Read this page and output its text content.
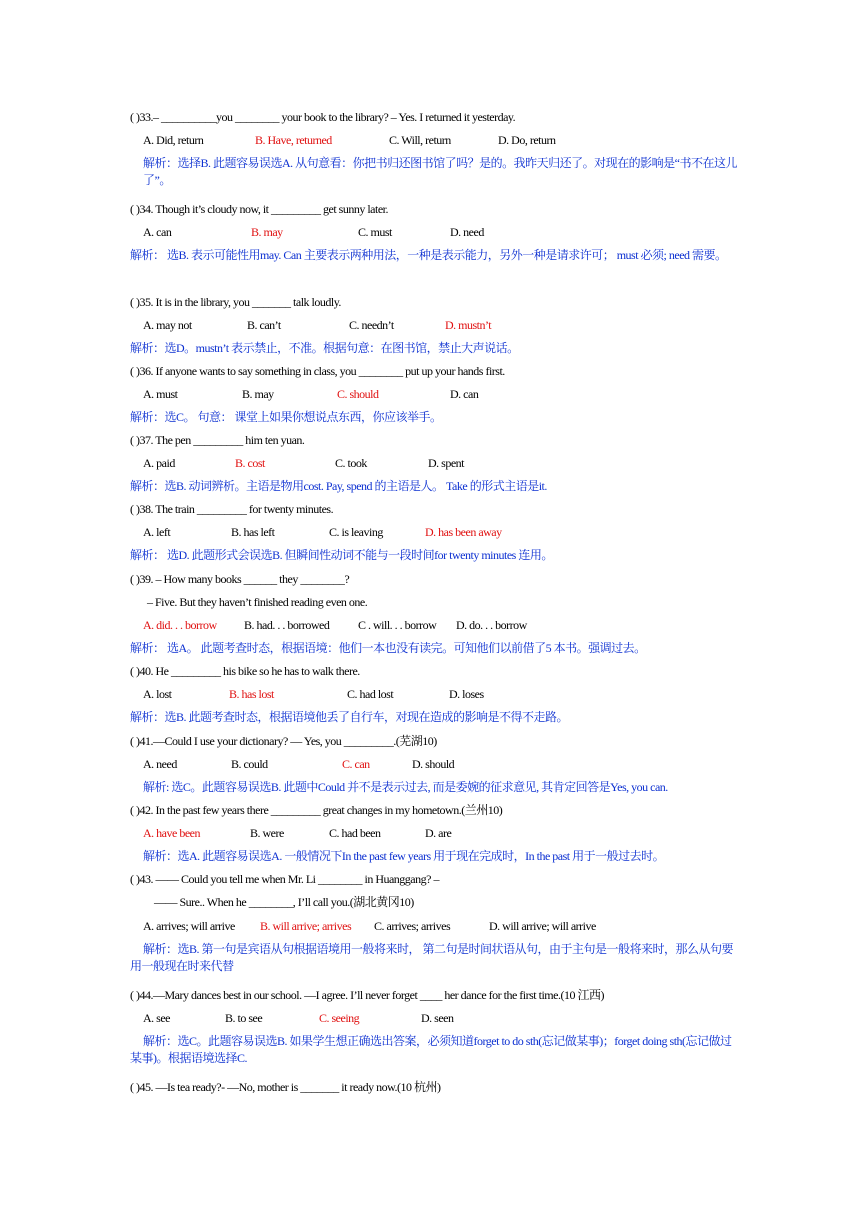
( )33.– __________you ________ your book to the library? – Yes. I returned it yesterday.
A. Did, return	B. Have, returned	C. Will, return	D. Do, return
解析：选择B. 此题容易误选A. 从句意看：你把书归还图书馆了吗？是的。我昨天归还了。对现在的影响是“书不在这儿了”。
( )34. Though it’s cloudy now, it _________ get sunny later.
A. can	B. may	C. must	D. need
解析： 选B. 表示可能性用may. Can 主要表示两种用法，一种是表示能力，另外一种是请求许可； must 必须; need 需要。
( )35. It is in the library, you _______ talk loudly.
A. may not	B. can’t	C. needn’t	D. mustn’t
解析：选D。mustn’t 表示禁止，不准。根据句意：在图书馆，禁止大声说话。
( )36. If anyone wants to say something in class, you ________ put up your hands first.
A. must	B. may	C. should	D. can
解析：选C。 句意： 课堂上如果你想说点东西，你应该举手。
( )37. The pen _________ him ten yuan.
A. paid	B. cost	C. took	D. spent
解析：选B. 动词辨析。主语是物用cost. Pay, spend 的主语是人。 Take 的形式主语是it.
( )38. The train _________ for twenty minutes.
A. left	B. has left	C. is leaving	D. has been away
解析： 选D. 此题形式会误选B. 但瞬间性动词不能与一段时间for twenty minutes 连用。
( )39. – How many books ______ they ________?
– Five. But they haven’t finished reading even one.
A. did. . . borrow B. had. . . borrowed C . will. . . borrow D. do. . . borrow
解析： 选A。 此题考查时态，根据语境：他们一本也没有读完。可知他们以前借了5 本书。强调过去。
( )40. He _________ his bike so he has to walk there.
A. lost	B. has lost	C. had lost	D. loses
解析：选B. 此题考查时态，根据语境他丢了自行车，对现在造成的影响是不得不走路。
( )41.—Could I use your dictionary? — Yes, you _________.(芜湖10)
A. need	B. could	C. can	D. should
解析: 选C。此题容易误选B. 此题中Could 并不是表示过去, 而是委婉的征求意见, 其肯定回答是Yes, you can.
( )42. In the past few years there _________ great changes in my hometown.(兰州10)
A. have been	B. were	C. had been	D. are
解析：选A. 此题容易误选A. 一般情况下In the past few years 用于现在完成时，In the past 用于一般过去时。
( )43. —— Could you tell me when Mr. Li ________ in Huanggang? –
—— Sure.. When he ________, I’ll call you.(湖北黄冈10)
A. arrives; will arrive B. will arrive; arrives C. arrives; arrives	D. will arrive; will arrive
解析：选B. 第一句是宾语从句根据语境用一般将来时， 第二句是时间状语从句，由于主句是一般将来时，那么从句要用一般现在时来代替
( )44.—Mary dances best in our school. —I agree. I’ll never forget ____ her dance for the first time.(10 江西)
A. see	B. to see	C. seeing	D. seen
解析：选C。此题容易误选B. 如果学生想正确选出答案，必须知道forget to do sth(忘记做某事)；forget doing sth(忘记做过某事)。根据语境选择C.
( )45. —Is tea ready?- —No, mother is _______ it ready now.(10 杭州)
